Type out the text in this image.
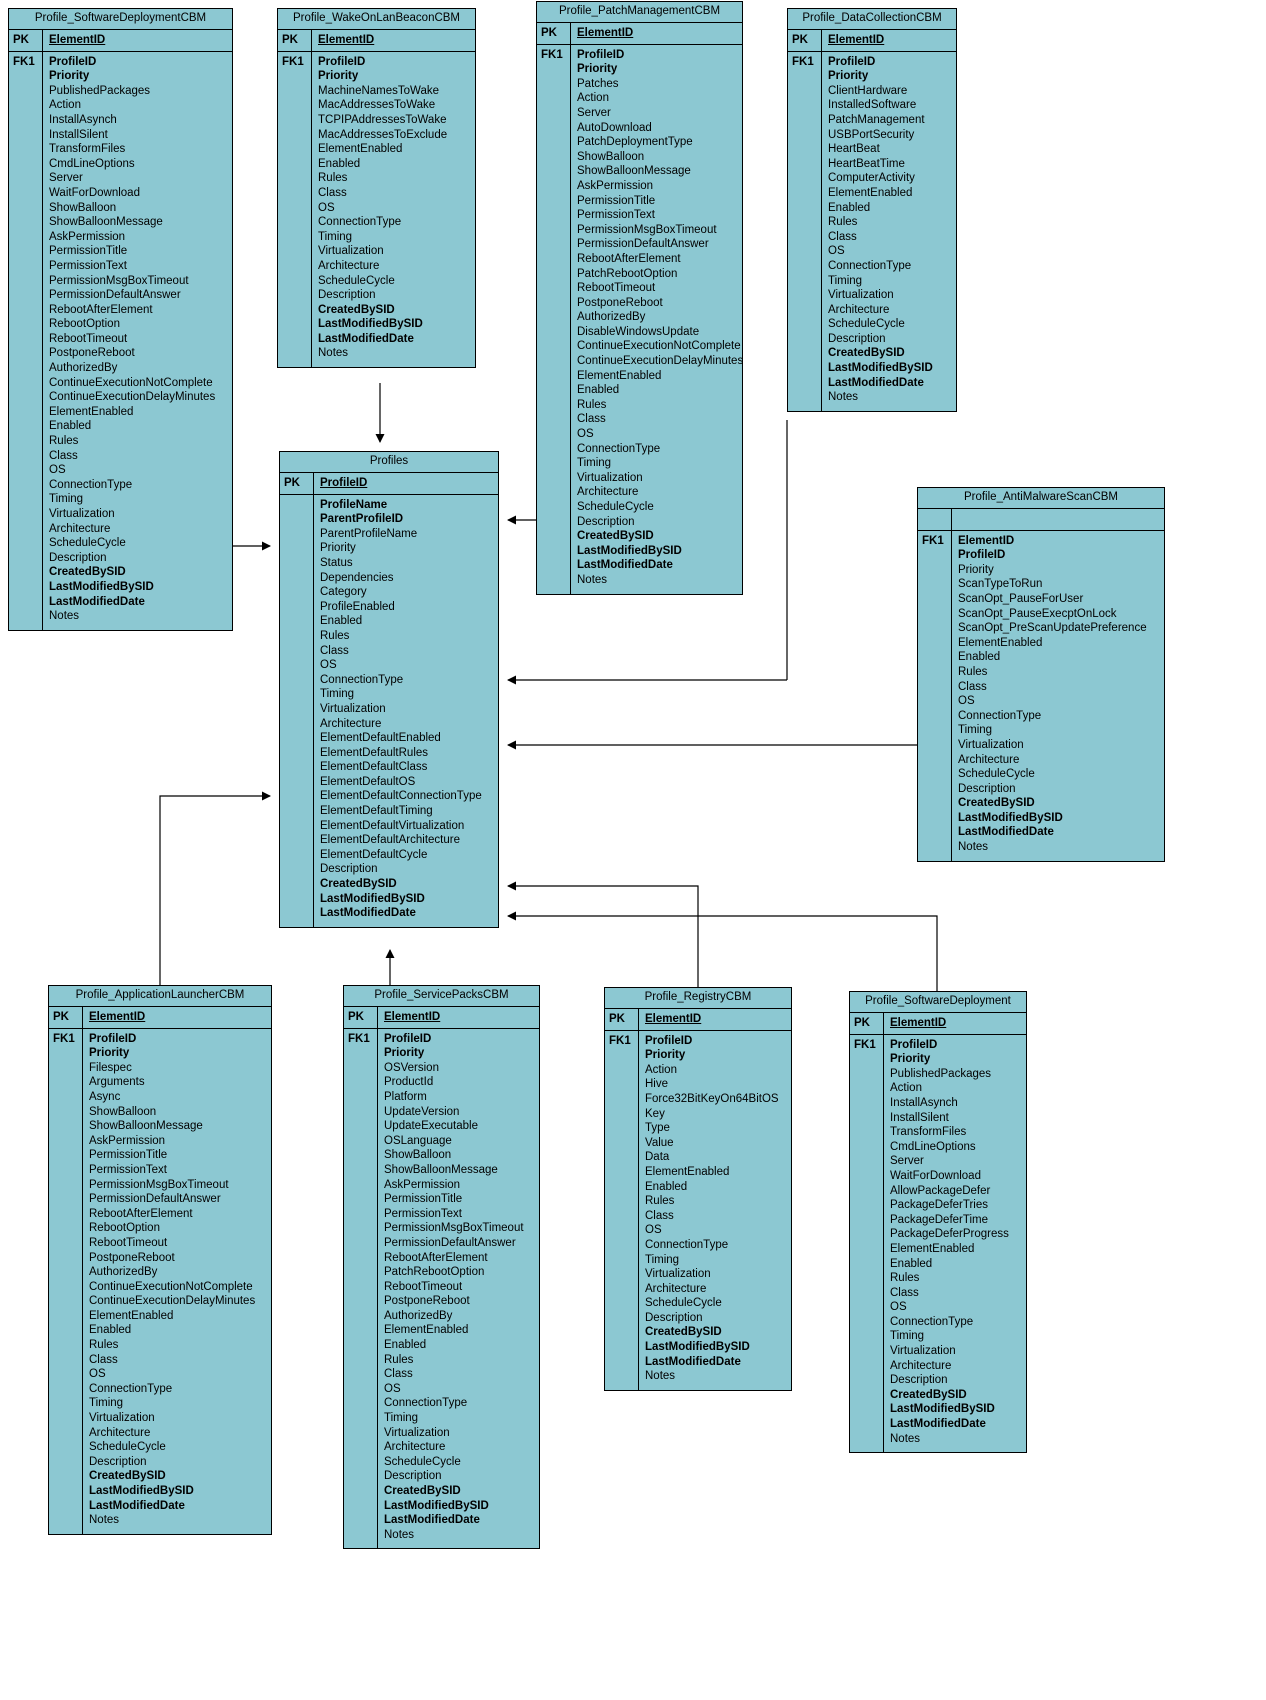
Profile_SoftwareDeploymentCBM
PK	ElementID
FK1	ProfileID
Priority
PublishedPackages
Action
InstallAsynch
InstallSilent
TransformFiles
CmdLineOptions
Server
WaitForDownload
ShowBalloon
ShowBalloonMessage
AskPermission
PermissionTitle
PermissionText
PermissionMsgBoxTimeout
PermissionDefaultAnswer
RebootAfterElement
RebootOption
RebootTimeout
PostponeReboot
AuthorizedBy
ContinueExecutionNotComplete
ContinueExecutionDelayMinutes
ElementEnabled
Enabled
Rules
Class
OS
ConnectionType
Timing
Virtualization
Architecture
ScheduleCycle
Description
CreatedBySID
LastModifiedBySID
LastModifiedDate
Notes
Profile_WakeOnLanBeaconCBM
PK	ElementID
FK1	ProfileID
Priority
MachineNamesToWake
MacAddressesToWake
TCPIPAddressesToWake
MacAddressesToExclude
ElementEnabled
Enabled
Rules
Class
OS
ConnectionType
Timing
Virtualization
Architecture
ScheduleCycle
Description
CreatedBySID
LastModifiedBySID
LastModifiedDate
Notes
Profile_PatchManagementCBM
PK	ElementID
FK1	ProfileID
Priority
Patches
Action
Server
AutoDownload
PatchDeploymentType
ShowBalloon
ShowBalloonMessage
AskPermission
PermissionTitle
PermissionText
PermissionMsgBoxTimeout
PermissionDefaultAnswer
RebootAfterElement
PatchRebootOption
RebootTimeout
PostponeReboot
AuthorizedBy
DisableWindowsUpdate
ContinueExecutionNotComplete
ContinueExecutionDelayMinutes
ElementEnabled
Enabled
Rules
Class
OS
ConnectionType
Timing
Virtualization
Architecture
ScheduleCycle
Description
CreatedBySID
LastModifiedBySID
LastModifiedDate
Notes
Profile_DataCollectionCBM
PK	ElementID
FK1	ProfileID
Priority
ClientHardware
InstalledSoftware
PatchManagement
USBPortSecurity
HeartBeat
HeartBeatTime
ComputerActivity
ElementEnabled
Enabled
Rules
Class
OS
ConnectionType
Timing
Virtualization
Architecture
ScheduleCycle
Description
CreatedBySID
LastModifiedBySID
LastModifiedDate
Notes
Profile_AntiMalwareScanCBM
FK1	ElementID
ProfileID
Priority
ScanTypeToRun
ScanOpt_PauseForUser
ScanOpt_PauseExecptOnLock
ScanOpt_PreScanUpdatePreference
ElementEnabled
Enabled
Rules
Class
OS
ConnectionType
Timing
Virtualization
Architecture
ScheduleCycle
Description
CreatedBySID
LastModifiedBySID
LastModifiedDate
Notes
Profiles
PK	ProfileID
ProfileName
ParentProfileID
ParentProfileName
Priority
Status
Dependencies
Category
ProfileEnabled
Enabled
Rules
Class
OS
ConnectionType
Timing
Virtualization
Architecture
ElementDefaultEnabled
ElementDefaultRules
ElementDefaultClass
ElementDefaultOS
ElementDefaultConnectionType
ElementDefaultTiming
ElementDefaultVirtualization
ElementDefaultArchitecture
ElementDefaultCycle
Description
CreatedBySID
LastModifiedBySID
LastModifiedDate
Profile_ApplicationLauncherCBM
PK	ElementID
FK1	ProfileID
Priority
Filespec
Arguments
Async
ShowBalloon
ShowBalloonMessage
AskPermission
PermissionTitle
PermissionText
PermissionMsgBoxTimeout
PermissionDefaultAnswer
RebootAfterElement
RebootOption
RebootTimeout
PostponeReboot
AuthorizedBy
ContinueExecutionNotComplete
ContinueExecutionDelayMinutes
ElementEnabled
Enabled
Rules
Class
OS
ConnectionType
Timing
Virtualization
Architecture
ScheduleCycle
Description
CreatedBySID
LastModifiedBySID
LastModifiedDate
Notes
Profile_ServicePacksCBM
PK	ElementID
FK1	ProfileID
Priority
OSVersion
ProductId
Platform
UpdateVersion
UpdateExecutable
OSLanguage
ShowBalloon
ShowBalloonMessage
AskPermission
PermissionTitle
PermissionText
PermissionMsgBoxTimeout
PermissionDefaultAnswer
RebootAfterElement
PatchRebootOption
RebootTimeout
PostponeReboot
AuthorizedBy
ElementEnabled
Enabled
Rules
Class
OS
ConnectionType
Timing
Virtualization
Architecture
ScheduleCycle
Description
CreatedBySID
LastModifiedBySID
LastModifiedDate
Notes
Profile_RegistryCBM
PK	ElementID
FK1	ProfileID
Priority
Action
Hive
Force32BitKeyOn64BitOS
Key
Type
Value
Data
ElementEnabled
Enabled
Rules
Class
OS
ConnectionType
Timing
Virtualization
Architecture
ScheduleCycle
Description
CreatedBySID
LastModifiedBySID
LastModifiedDate
Notes
Profile_SoftwareDeployment
PK	ElementID
FK1	ProfileID
Priority
PublishedPackages
Action
InstallAsynch
InstallSilent
TransformFiles
CmdLineOptions
Server
WaitForDownload
AllowPackageDefer
PackageDeferTries
PackageDeferTime
PackageDeferProgress
ElementEnabled
Enabled
Rules
Class
OS
ConnectionType
Timing
Virtualization
Architecture
Description
CreatedBySID
LastModifiedBySID
LastModifiedDate
Notes
